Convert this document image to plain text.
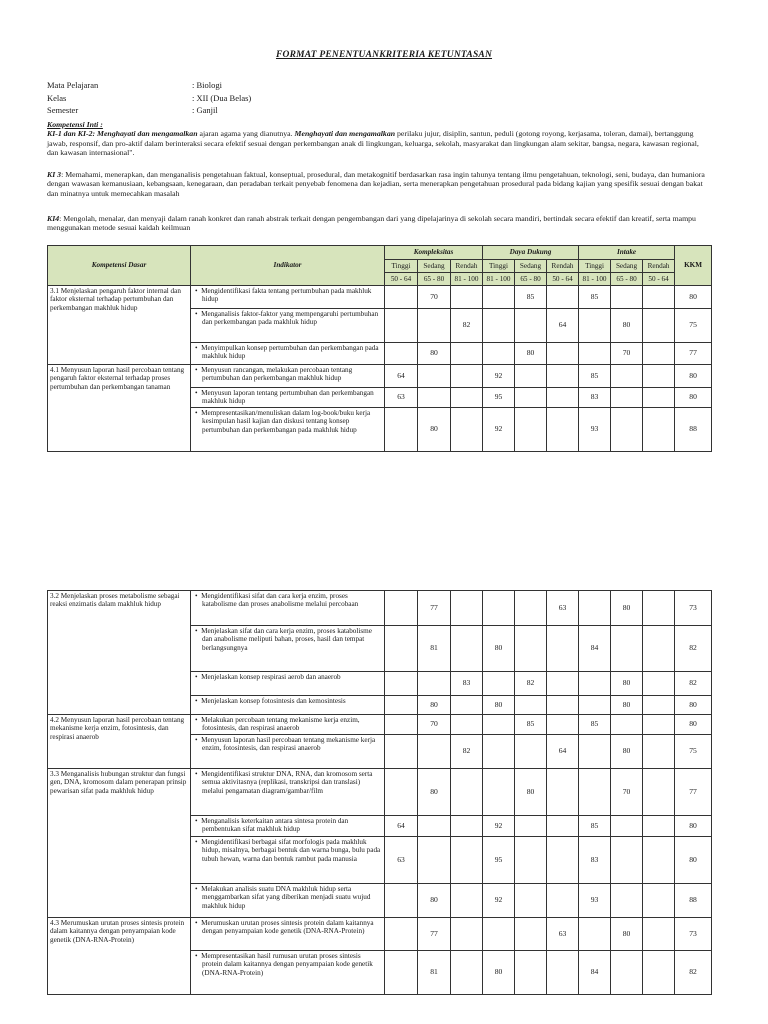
FORMAT PENENTUANKRITERIA KETUNTASAN
Mata Pelajaran	: Biologi
Kelas	: XII (Dua Belas)
Semester	: Ganjil
Kompetensi Inti :
KI-1 dan KI-2: Menghayati dan mengamalkan ajaran agama yang dianutnya. Menghayati dan mengamalkan perilaku jujur, disiplin, santun, peduli (gotong royong, kerjasama, toleran, damai), bertanggung jawab, responsif, dan pro-aktif dalam berinteraksi secara efektif sesuai dengan perkembangan anak di lingkungan, keluarga, sekolah, masyarakat dan lingkungan alam sekitar, bangsa, negara, kawasan regional, dan kawasan internasional".
KI 3: Memahami, menerapkan, dan menganalisis pengetahuan faktual, konseptual, prosedural, dan metakognitif berdasarkan rasa ingin tahunya tentang ilmu pengetahuan, teknologi, seni, budaya, dan humaniora dengan wawasan kemanusiaan, kebangsaan, kenegaraan, dan peradaban terkait penyebab fenomena dan kejadian, serta menerapkan pengetahuan prosedural pada bidang kajian yang spesifik sesuai dengan bakat dan minatnya untuk memecahkan masalah
KI4: Mengolah, menalar, dan menyaji dalam ranah konkret dan ranah abstrak terkait dengan pengembangan dari yang dipelajarinya di sekolah secara mandiri, bertindak secara efektif dan kreatif, serta mampu menggunakan metode sesuai kaidah keilmuan
Kompetensi Dasar	Indikator	Kompleksitas			Daya Dukung			Intake			KKM
		Tinggi	Sedang	Rendah	Tinggi	Sedang	Rendah	Tinggi	Sedang	Rendah	
		50 - 64	65 - 80	81 - 100	81 - 100	65 - 80	50 - 64	81 - 100	65 - 80	50 - 64	
3.1 Menjelaskan pengaruh faktor internal dan faktor eksternal terhadap pertumbuhan dan perkembangan makhluk hidup	•  Mengidentifikasi fakta tentang pertumbuhan pada makhluk hidup		70			85		85			80

	•  Menganalisis faktor-faktor yang mempengaruhi pertumbuhan dan perkembangan pada makhluk hidup			82			64		80		75

	•  Menyimpulkan konsep pertumbuhan dan perkembangan pada makhluk hidup		80			80			70		77
4.1 Menyusun laporan hasil percobaan tentang pengaruh faktor eksternal terhadap proses pertumbuhan dan perkembangan tanaman	•  Menyusun rancangan, melakukan percobaan tentang pertumbuhan dan perkembangan makhluk hidup	64			92			85			80

	•  Menyusun laporan tentang pertumbuhan dan perkembangan makhluk hidup	63			95			83			80

	•  Mempresentasikan/menuliskan dalam log-book/buku kerja kesimpulan hasil kajian dan diskusi tentang konsep pertumbuhan dan perkembangan pada makhluk hidup		80		92			93			88
3.2 Menjelaskan proses metabolisme sebagai reaksi enzimatis dalam makhluk hidup	•  Mengidentifikasi sifat dan cara kerja enzim, proses katabolisme dan proses anabolisme melalui percobaan		77				63		80		73

	•  Menjelaskan sifat dan cara kerja enzim, proses katabolisme dan anabolisme meliputi bahan, proses, hasil dan tempat berlangsungnya		81		80			84			82

	•  Menjelaskan konsep respirasi aerob dan anaerob			83		82			80		82

	•  Menjelaskan konsep fotosintesis dan kemosintesis		80		80				80		80
4.2 Menyusun laporan hasil percobaan tentang mekanisme kerja enzim, fotosintesis, dan respirasi anaerob	•  Melakukan percobaan tentang mekanisme kerja enzim, fotosintesis, dan respirasi anaerob		70			85		85			80

	•  Menyusun laporan hasil percobaan tentang mekanisme kerja enzim, fotosintesis, dan respirasi anaerob			82			64		80		75
3.3 Menganalisis hubungan struktur dan fungsi gen, DNA, kromosom dalam penerapan prinsip pewarisan sifat pada makhluk hidup	•  Mengidentifikasi struktur DNA, RNA, dan kromosom serta semua aktivitasnya (replikasi, transkripsi dan translasi) melalui pengamatan diagram/gambar/film		80			80			70		77

	•  Menganalisis keterkaitan antara sintesa protein dan pembentukan sifat makhluk hidup	64			92			85			80

	•  Mengidentifikasi berbagai sifat morfologis pada makhluk hidup, misalnya, berbagai bentuk dan warna bunga, bulu pada tubuh hewan, warna dan bentuk rambut pada manusia	63			95			83			80

	•  Melakukan analisis suatu DNA makhluk hidup serta menggambarkan sifat yang diberikan menjadi suatu wujud makhluk hidup		80		92			93			88
4.3 Merumuskan urutan proses sintesis protein dalam kaitannya dengan penyampaian kode genetik (DNA-RNA-Protein)	•  Merumuskan urutan proses sintesis protein dalam kaitannya dengan penyampaian kode genetik (DNA-RNA-Protein)		77				63		80		73

	•  Mempresentasikan hasil rumusan urutan proses sintesis protein dalam kaitannya dengan penyampaian kode genetik (DNA-RNA-Protein)		81		80			84			82
